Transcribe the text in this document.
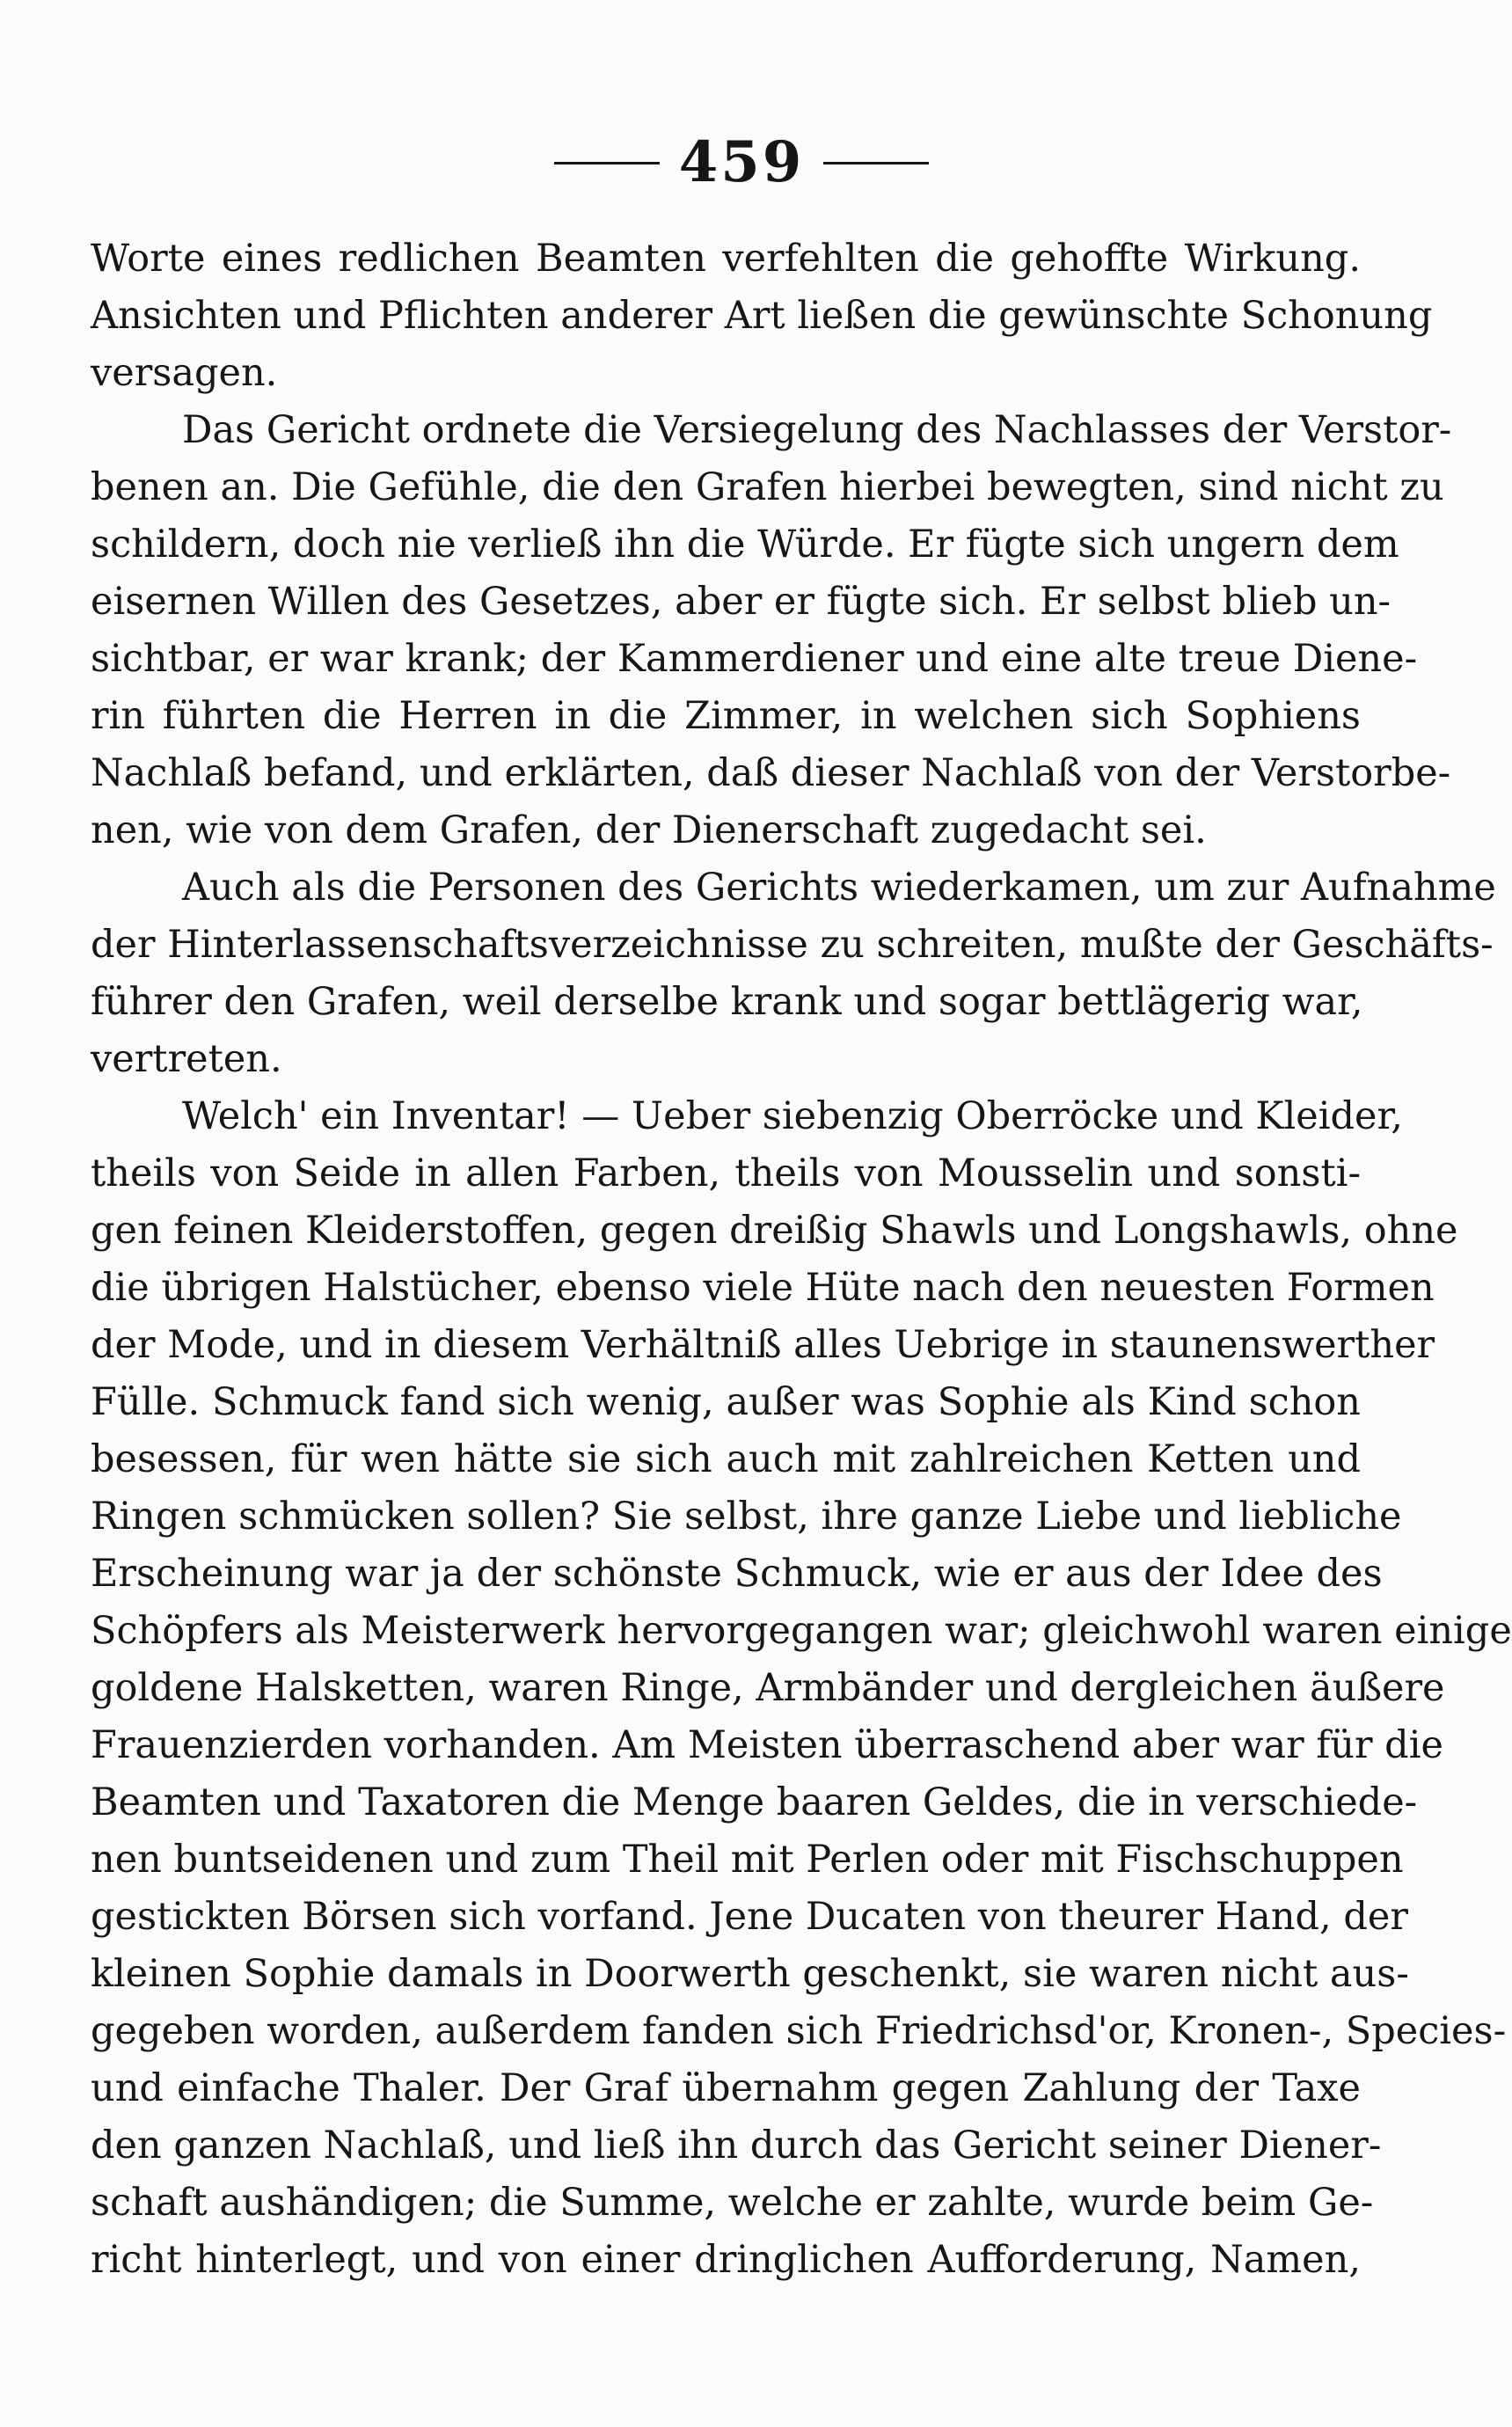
459
Worte eines redlichen Beamten verfehlten die gehoffte Wirkung.
Ansichten und Pflichten anderer Art ließen die gewünschte Schonung
versagen.
Das Gericht ordnete die Versiegelung des Nachlasses der Verstor-
benen an. Die Gefühle, die den Grafen hierbei bewegten, sind nicht zu
schildern, doch nie verließ ihn die Würde. Er fügte sich ungern dem
eisernen Willen des Gesetzes, aber er fügte sich. Er selbst blieb un-
sichtbar, er war krank; der Kammerdiener und eine alte treue Diene-
rin führten die Herren in die Zimmer, in welchen sich Sophiens
Nachlaß befand, und erklärten, daß dieser Nachlaß von der Verstorbe-
nen, wie von dem Grafen, der Dienerschaft zugedacht sei.
Auch als die Personen des Gerichts wiederkamen, um zur Aufnahme
der Hinterlassenschaftsverzeichnisse zu schreiten, mußte der Geschäfts-
führer den Grafen, weil derselbe krank und sogar bettlägerig war,
vertreten.
Welch' ein Inventar! — Ueber siebenzig Oberröcke und Kleider,
theils von Seide in allen Farben, theils von Mousselin und sonsti-
gen feinen Kleiderstoffen, gegen dreißig Shawls und Longshawls, ohne
die übrigen Halstücher, ebenso viele Hüte nach den neuesten Formen
der Mode, und in diesem Verhältniß alles Uebrige in staunenswerther
Fülle. Schmuck fand sich wenig, außer was Sophie als Kind schon
besessen, für wen hätte sie sich auch mit zahlreichen Ketten und
Ringen schmücken sollen? Sie selbst, ihre ganze Liebe und liebliche
Erscheinung war ja der schönste Schmuck, wie er aus der Idee des
Schöpfers als Meisterwerk hervorgegangen war; gleichwohl waren einige
goldene Halsketten, waren Ringe, Armbänder und dergleichen äußere
Frauenzierden vorhanden. Am Meisten überraschend aber war für die
Beamten und Taxatoren die Menge baaren Geldes, die in verschiede-
nen buntseidenen und zum Theil mit Perlen oder mit Fischschuppen
gestickten Börsen sich vorfand. Jene Ducaten von theurer Hand, der
kleinen Sophie damals in Doorwerth geschenkt, sie waren nicht aus-
gegeben worden, außerdem fanden sich Friedrichsd'or, Kronen-, Species-
und einfache Thaler. Der Graf übernahm gegen Zahlung der Taxe
den ganzen Nachlaß, und ließ ihn durch das Gericht seiner Diener-
schaft aushändigen; die Summe, welche er zahlte, wurde beim Ge-
richt hinterlegt, und von einer dringlichen Aufforderung, Namen,
